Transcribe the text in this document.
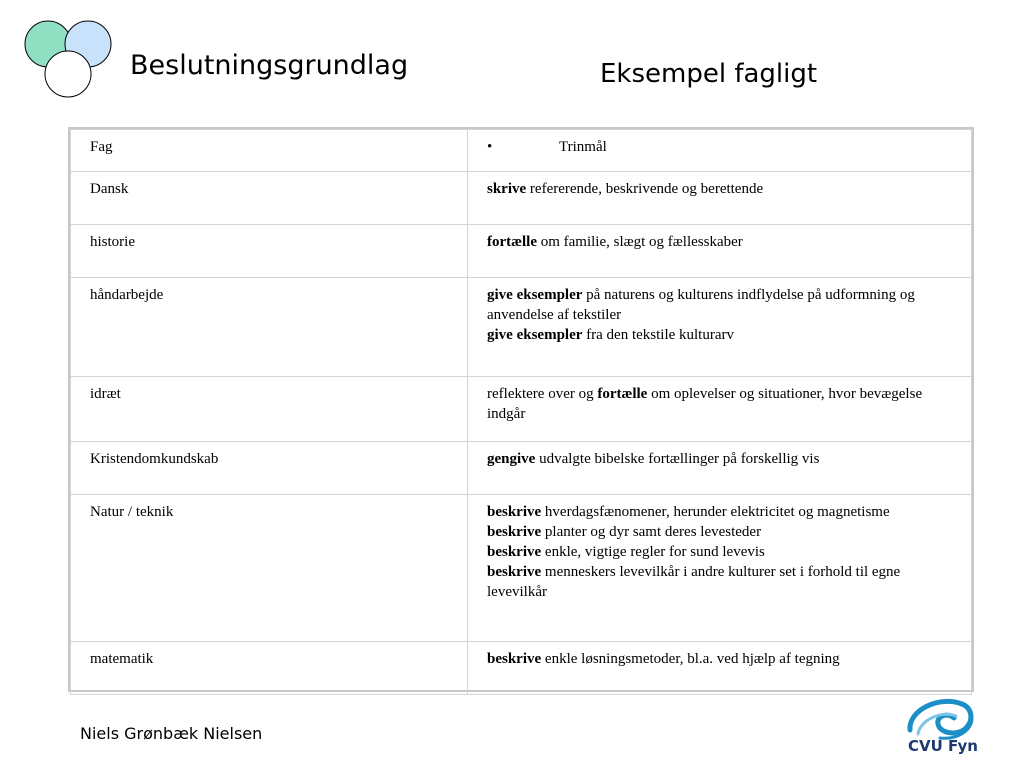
Beslutningsgrundlag	Eksempel fagligt
Fag	• Trinmål

Dansk	skrive refererende, beskrivende og berettende

historie	fortælle om familie, slægt og fællesskaber

håndarbejde	give eksempler på naturens og kulturens indflydelse på udformning og anvendelse af tekstiler
give eksempler fra den tekstile kulturarv

idræt	reflektere over og fortælle om oplevelser og situationer, hvor bevægelse indgår

Kristendomkundskab	gengive udvalgte bibelske fortællinger på forskellig vis

Natur / teknik	beskrive hverdagsfænomener, herunder elektricitet og magnetisme
beskrive planter og dyr samt deres levesteder
beskrive enkle, vigtige regler for sund levevis
beskrive menneskers levevilkår i andre kulturer set i forhold til egne levevilkår

matematik	beskrive enkle løsningsmetoder, bl.a. ved hjælp af tegning
Niels Grønbæk Nielsen
CVU Fyn
